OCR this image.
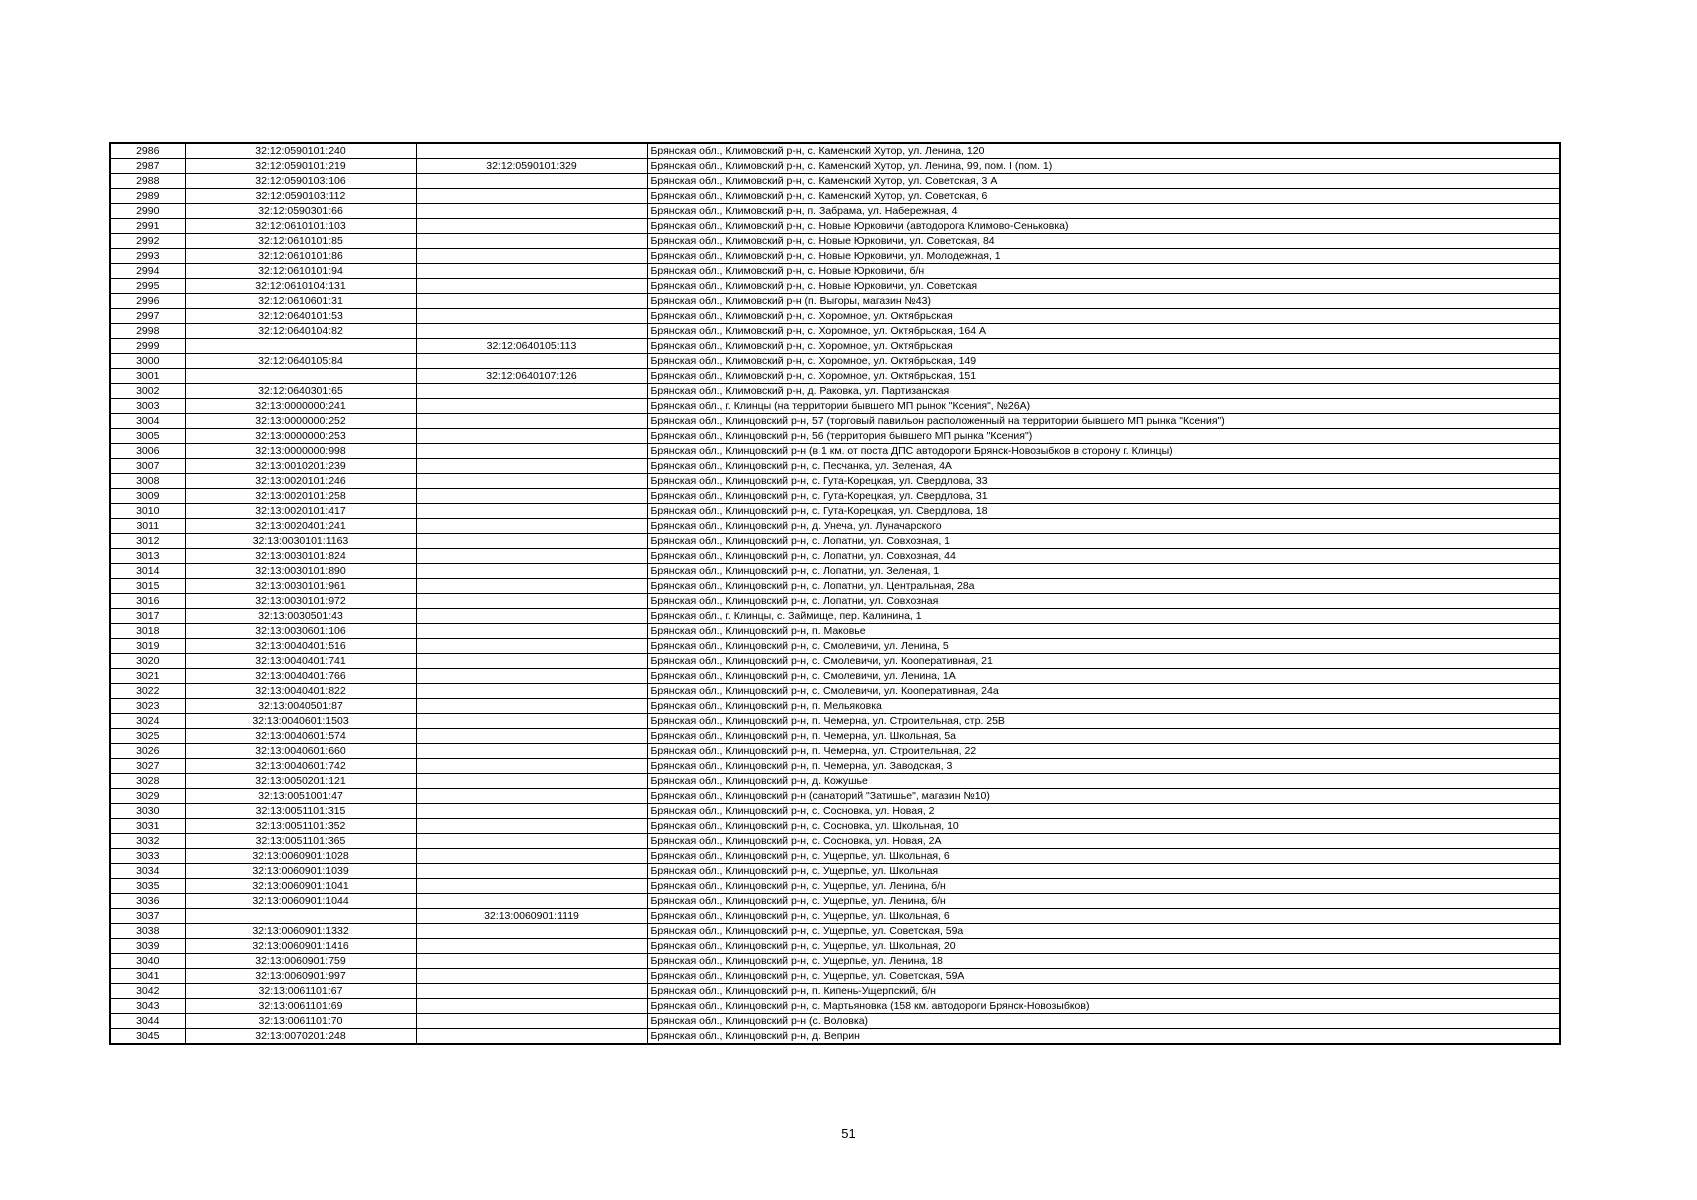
2986	32:12:0590101:240		Брянская обл., Климовский р-н, с. Каменский Хутор, ул. Ленина, 120
2987	32:12:0590101:219	32:12:0590101:329	Брянская обл., Климовский р-н, с. Каменский Хутор, ул. Ленина, 99, пом. I (пом. 1)
2988	32:12:0590103:106		Брянская обл., Климовский р-н, с. Каменский Хутор, ул. Советская, 3 А
2989	32:12:0590103:112		Брянская обл., Климовский р-н, с. Каменский Хутор, ул. Советская, 6
2990	32:12:0590301:66		Брянская обл., Климовский р-н, п. Забрама, ул. Набережная, 4
2991	32:12:0610101:103		Брянская обл., Климовский р-н, с. Новые Юрковичи (автодорога Климово-Сеньковка)
2992	32:12:0610101:85		Брянская обл., Климовский р-н, с. Новые Юрковичи, ул. Советская, 84
2993	32:12:0610101:86		Брянская обл., Климовский р-н, с. Новые Юрковичи, ул. Молодежная, 1
2994	32:12:0610101:94		Брянская обл., Климовский р-н, с. Новые Юрковичи, б/н
2995	32:12:0610104:131		Брянская обл., Климовский р-н, с. Новые Юрковичи, ул. Советская
2996	32:12:0610601:31		Брянская обл., Климовский р-н (п. Выгоры, магазин №43)
2997	32:12:0640101:53		Брянская обл., Климовский р-н, с. Хоромное, ул. Октябрьская
2998	32:12:0640104:82		Брянская обл., Климовский р-н, с. Хоромное, ул. Октябрьская, 164 А
2999		32:12:0640105:113	Брянская обл., Климовский р-н, с. Хоромное, ул. Октябрьская
3000	32:12:0640105:84		Брянская обл., Климовский р-н, с. Хоромное, ул. Октябрьская, 149
3001		32:12:0640107:126	Брянская обл., Климовский р-н, с. Хоромное, ул. Октябрьская, 151
3002	32:12:0640301:65		Брянская обл., Климовский р-н, д. Раковка, ул. Партизанская
3003	32:13:0000000:241		Брянская обл., г. Клинцы (на территории бывшего МП рынок "Ксения", №26А)
3004	32:13:0000000:252		Брянская обл., Клинцовский р-н, 57 (торговый павильон расположенный на территории бывшего МП рынка "Ксения")
3005	32:13:0000000:253		Брянская обл., Клинцовский р-н, 56 (территория бывшего МП рынка "Ксения")
3006	32:13:0000000:998		Брянская обл., Клинцовский р-н (в 1 км. от поста ДПС автодороги Брянск-Новозыбков в сторону г. Клинцы)
3007	32:13:0010201:239		Брянская обл., Клинцовский р-н, с. Песчанка, ул. Зеленая, 4А
3008	32:13:0020101:246		Брянская обл., Клинцовский р-н, с. Гута-Корецкая, ул. Свердлова, 33
3009	32:13:0020101:258		Брянская обл., Клинцовский р-н, с. Гута-Корецкая, ул. Свердлова, 31
3010	32:13:0020101:417		Брянская обл., Клинцовский р-н, с. Гута-Корецкая, ул. Свердлова, 18
3011	32:13:0020401:241		Брянская обл., Клинцовский р-н, д. Унеча, ул. Луначарского
3012	32:13:0030101:1163		Брянская обл., Клинцовский р-н, с. Лопатни, ул. Совхозная, 1
3013	32:13:0030101:824		Брянская обл., Клинцовский р-н, с. Лопатни, ул. Совхозная, 44
3014	32:13:0030101:890		Брянская обл., Клинцовский р-н, с. Лопатни, ул. Зеленая, 1
3015	32:13:0030101:961		Брянская обл., Клинцовский р-н, с. Лопатни, ул. Центральная, 28а
3016	32:13:0030101:972		Брянская обл., Клинцовский р-н, с. Лопатни, ул. Совхозная
3017	32:13:0030501:43		Брянская обл., г. Клинцы, с. Займище, пер. Калинина, 1
3018	32:13:0030601:106		Брянская обл., Клинцовский р-н, п. Маковье
3019	32:13:0040401:516		Брянская обл., Клинцовский р-н, с. Смолевичи, ул. Ленина, 5
3020	32:13:0040401:741		Брянская обл., Клинцовский р-н, с. Смолевичи, ул. Кооперативная, 21
3021	32:13:0040401:766		Брянская обл., Клинцовский р-н, с. Смолевичи, ул. Ленина, 1А
3022	32:13:0040401:822		Брянская обл., Клинцовский р-н, с. Смолевичи, ул. Кооперативная, 24а
3023	32:13:0040501:87		Брянская обл., Клинцовский р-н, п. Мельяковка
3024	32:13:0040601:1503		Брянская обл., Клинцовский р-н, п. Чемерна, ул. Строительная, стр. 25В
3025	32:13:0040601:574		Брянская обл., Клинцовский р-н, п. Чемерна, ул. Школьная, 5а
3026	32:13:0040601:660		Брянская обл., Клинцовский р-н, п. Чемерна, ул. Строительная, 22
3027	32:13:0040601:742		Брянская обл., Клинцовский р-н, п. Чемерна, ул. Заводская, 3
3028	32:13:0050201:121		Брянская обл., Клинцовский р-н, д. Кожушье
3029	32:13:0051001:47		Брянская обл., Клинцовский р-н (санаторий "Затишье", магазин №10)
3030	32:13:0051101:315		Брянская обл., Клинцовский р-н, с. Сосновка, ул. Новая, 2
3031	32:13:0051101:352		Брянская обл., Клинцовский р-н, с. Сосновка, ул. Школьная, 10
3032	32:13:0051101:365		Брянская обл., Клинцовский р-н, с. Сосновка, ул. Новая, 2А
3033	32:13:0060901:1028		Брянская обл., Клинцовский р-н, с. Ущерпье, ул. Школьная, 6
3034	32:13:0060901:1039		Брянская обл., Клинцовский р-н, с. Ущерпье, ул. Школьная
3035	32:13:0060901:1041		Брянская обл., Клинцовский р-н, с. Ущерпье, ул. Ленина, б/н
3036	32:13:0060901:1044		Брянская обл., Клинцовский р-н, с. Ущерпье, ул. Ленина, б/н
3037		32:13:0060901:1119	Брянская обл., Клинцовский р-н, с. Ущерпье, ул. Школьная, 6
3038	32:13:0060901:1332		Брянская обл., Клинцовский р-н, с. Ущерпье, ул. Советская, 59а
3039	32:13:0060901:1416		Брянская обл., Клинцовский р-н, с. Ущерпье, ул. Школьная, 20
3040	32:13:0060901:759		Брянская обл., Клинцовский р-н, с. Ущерпье, ул. Ленина, 18
3041	32:13:0060901:997		Брянская обл., Клинцовский р-н, с. Ущерпье, ул. Советская, 59А
3042	32:13:0061101:67		Брянская обл., Клинцовский р-н, п. Кипень-Ущерпский, б/н
3043	32:13:0061101:69		Брянская обл., Клинцовский р-н, с. Мартьяновка (158 км. автодороги Брянск-Новозыбков)
3044	32:13:0061101:70		Брянская обл., Клинцовский р-н (с. Воловка)
3045	32:13:0070201:248		Брянская обл., Клинцовский р-н, д. Веприн
51
